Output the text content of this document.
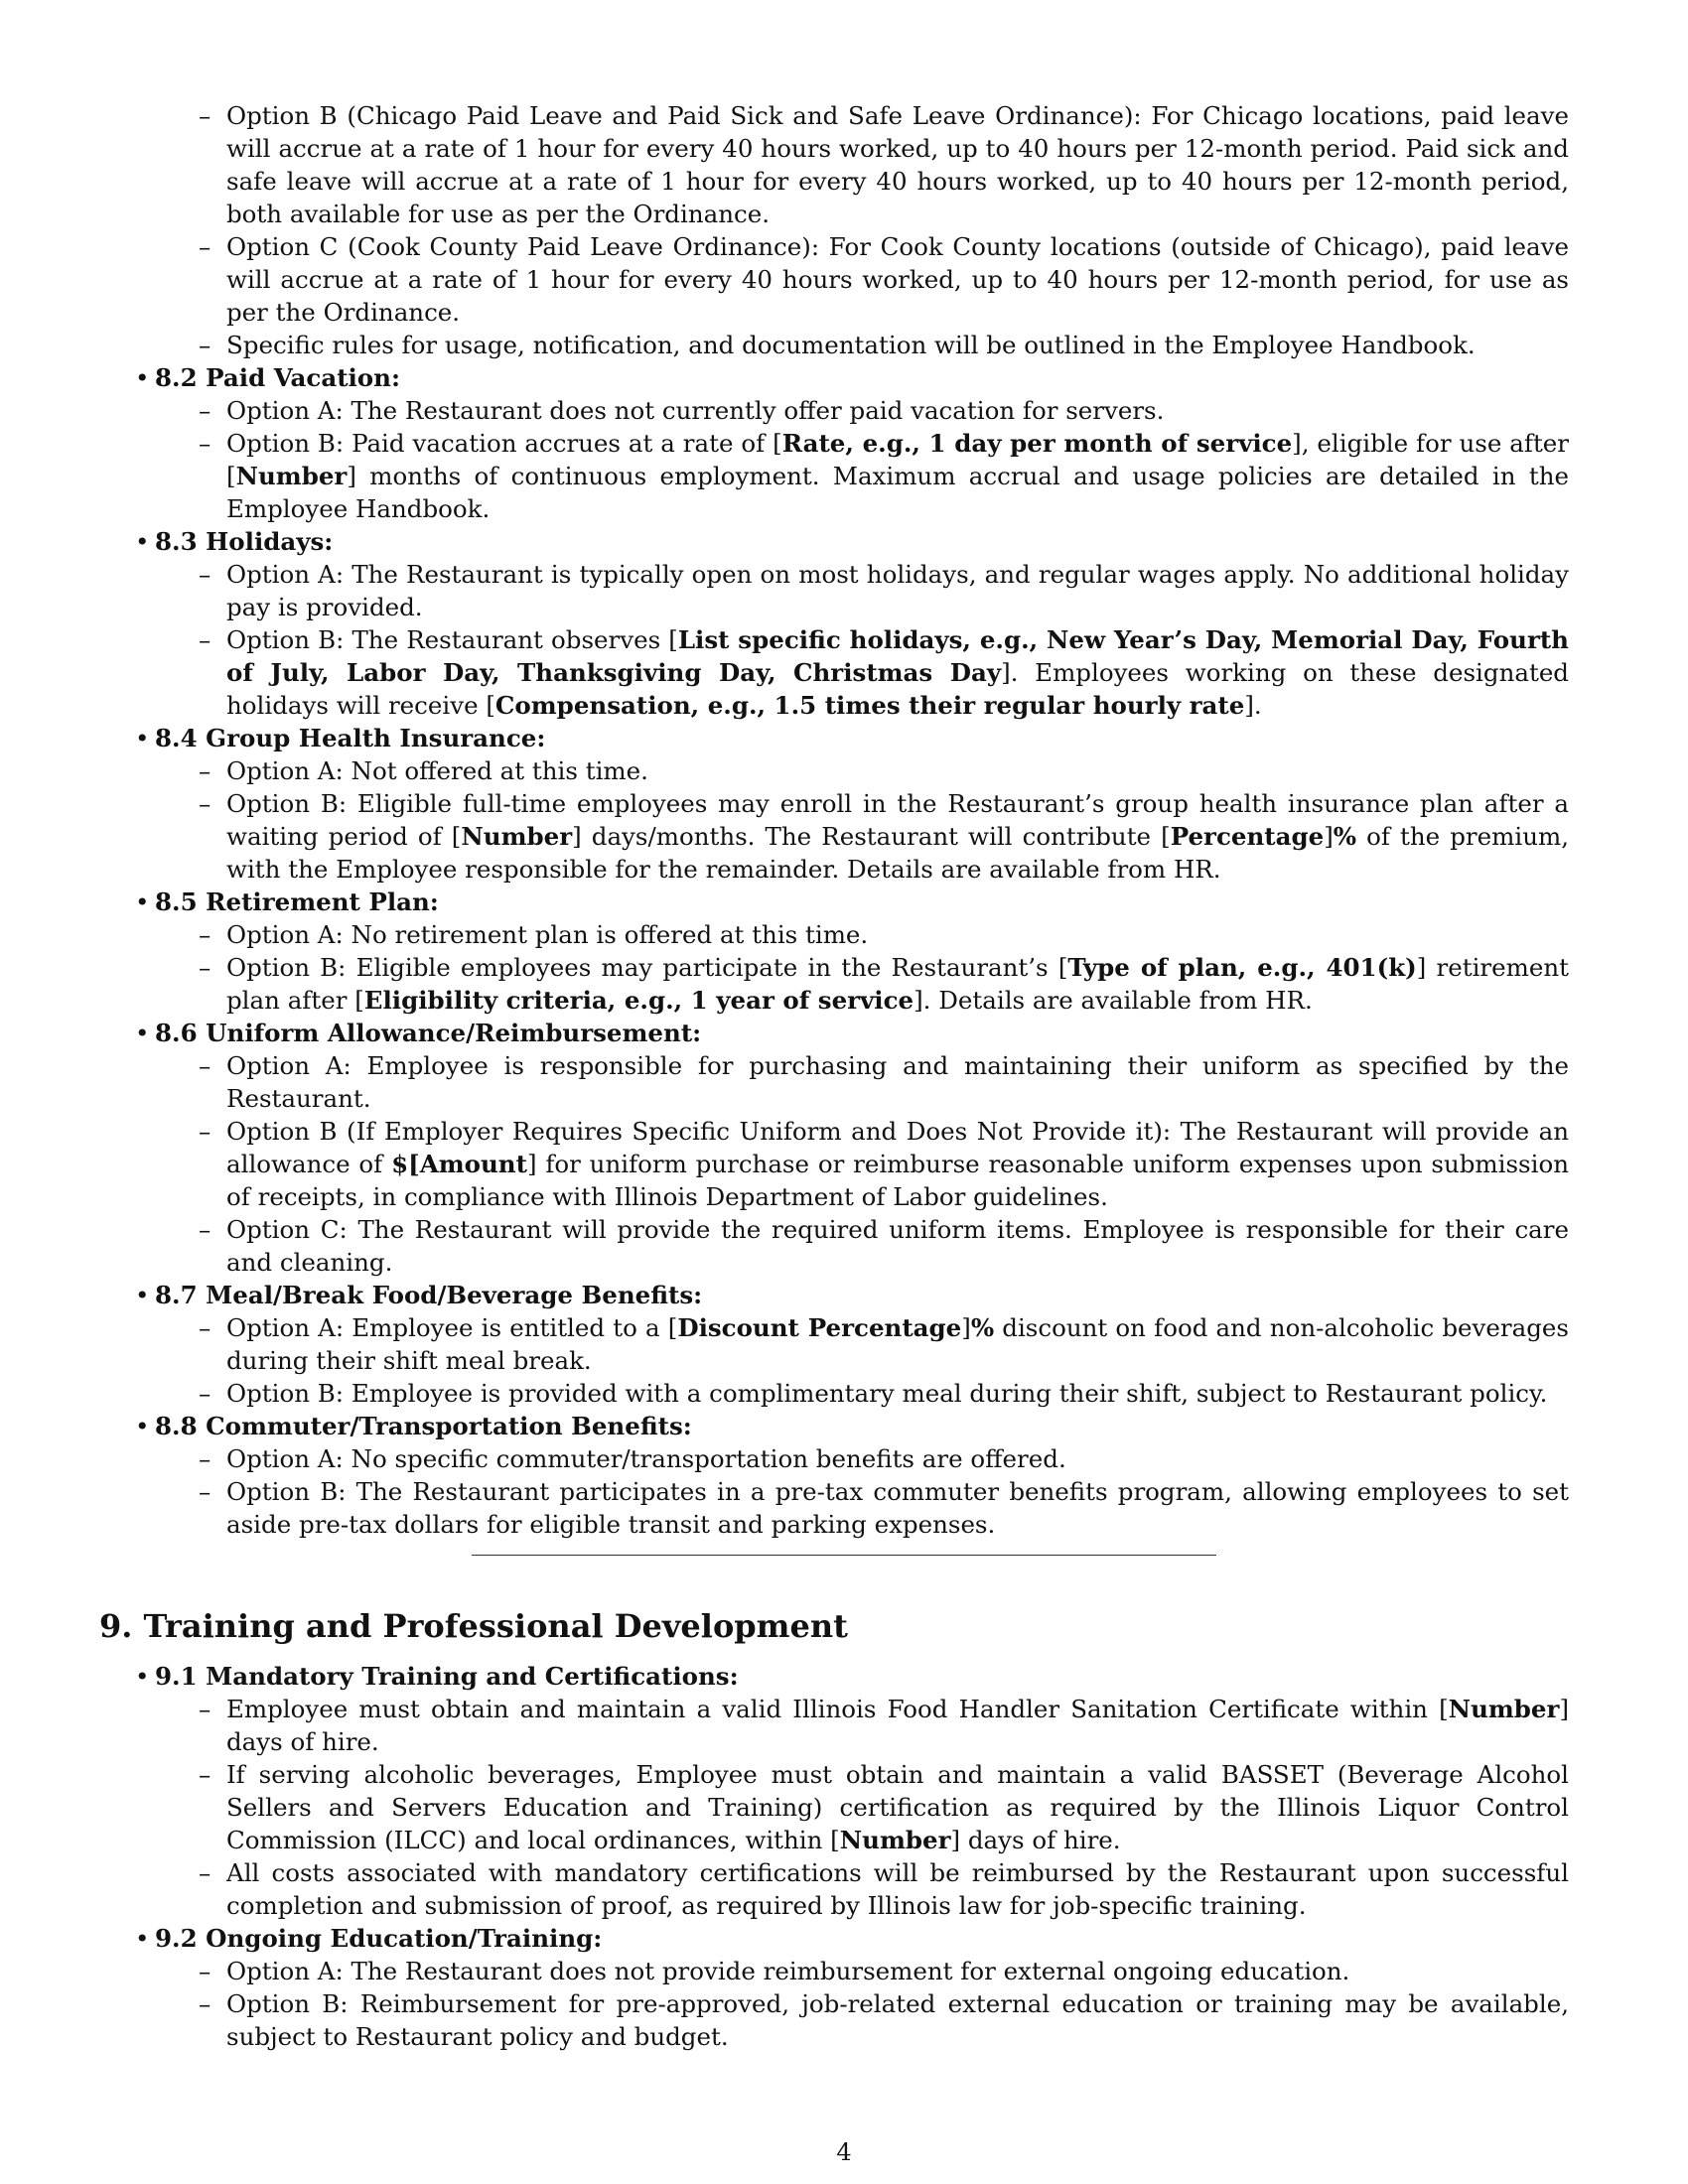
– Option B (Chicago Paid Leave and Paid Sick and Safe Leave Ordinance): For Chicago locations, paid leave will accrue at a rate of 1 hour for every 40 hours worked, up to 40 hours per 12-month period. Paid sick and safe leave will accrue at a rate of 1 hour for every 40 hours worked, up to 40 hours per 12-month period, both available for use as per the Ordinance.
– Option C (Cook County Paid Leave Ordinance): For Cook County locations (outside of Chicago), paid leave will accrue at a rate of 1 hour for every 40 hours worked, up to 40 hours per 12-month period, for use as per the Ordinance.
– Specific rules for usage, notification, and documentation will be outlined in the Employee Handbook.
• 8.2 Paid Vacation:
– Option A: The Restaurant does not currently offer paid vacation for servers.
– Option B: Paid vacation accrues at a rate of [Rate, e.g., 1 day per month of service], eligible for use after [Number] months of continuous employment. Maximum accrual and usage policies are detailed in the Employee Handbook.
• 8.3 Holidays:
– Option A: The Restaurant is typically open on most holidays, and regular wages apply. No additional holiday pay is provided.
– Option B: The Restaurant observes [List specific holidays, e.g., New Year’s Day, Memorial Day, Fourth of July, Labor Day, Thanksgiving Day, Christmas Day]. Employees working on these designated holidays will receive [Compensation, e.g., 1.5 times their regular hourly rate].
• 8.4 Group Health Insurance:
– Option A: Not offered at this time.
– Option B: Eligible full-time employees may enroll in the Restaurant’s group health insurance plan after a waiting period of [Number] days/months. The Restaurant will contribute [Percentage]% of the premium, with the Employee responsible for the remainder. Details are available from HR.
• 8.5 Retirement Plan:
– Option A: No retirement plan is offered at this time.
– Option B: Eligible employees may participate in the Restaurant’s [Type of plan, e.g., 401(k)] retirement plan after [Eligibility criteria, e.g., 1 year of service]. Details are available from HR.
• 8.6 Uniform Allowance/Reimbursement:
– Option A: Employee is responsible for purchasing and maintaining their uniform as specified by the Restaurant.
– Option B (If Employer Requires Specific Uniform and Does Not Provide it): The Restaurant will provide an allowance of $[Amount] for uniform purchase or reimburse reasonable uniform expenses upon submission of receipts, in compliance with Illinois Department of Labor guidelines.
– Option C: The Restaurant will provide the required uniform items. Employee is responsible for their care and cleaning.
• 8.7 Meal/Break Food/Beverage Benefits:
– Option A: Employee is entitled to a [Discount Percentage]% discount on food and non-alcoholic beverages during their shift meal break.
– Option B: Employee is provided with a complimentary meal during their shift, subject to Restaurant policy.
• 8.8 Commuter/Transportation Benefits:
– Option A: No specific commuter/transportation benefits are offered.
– Option B: The Restaurant participates in a pre-tax commuter benefits program, allowing employees to set aside pre-tax dollars for eligible transit and parking expenses.
9. Training and Professional Development
• 9.1 Mandatory Training and Certifications:
– Employee must obtain and maintain a valid Illinois Food Handler Sanitation Certificate within [Number] days of hire.
– If serving alcoholic beverages, Employee must obtain and maintain a valid BASSET (Beverage Alcohol Sellers and Servers Education and Training) certification as required by the Illinois Liquor Control Commission (ILCC) and local ordinances, within [Number] days of hire.
– All costs associated with mandatory certifications will be reimbursed by the Restaurant upon successful completion and submission of proof, as required by Illinois law for job-specific training.
• 9.2 Ongoing Education/Training:
– Option A: The Restaurant does not provide reimbursement for external ongoing education.
– Option B: Reimbursement for pre-approved, job-related external education or training may be available, subject to Restaurant policy and budget.
4
